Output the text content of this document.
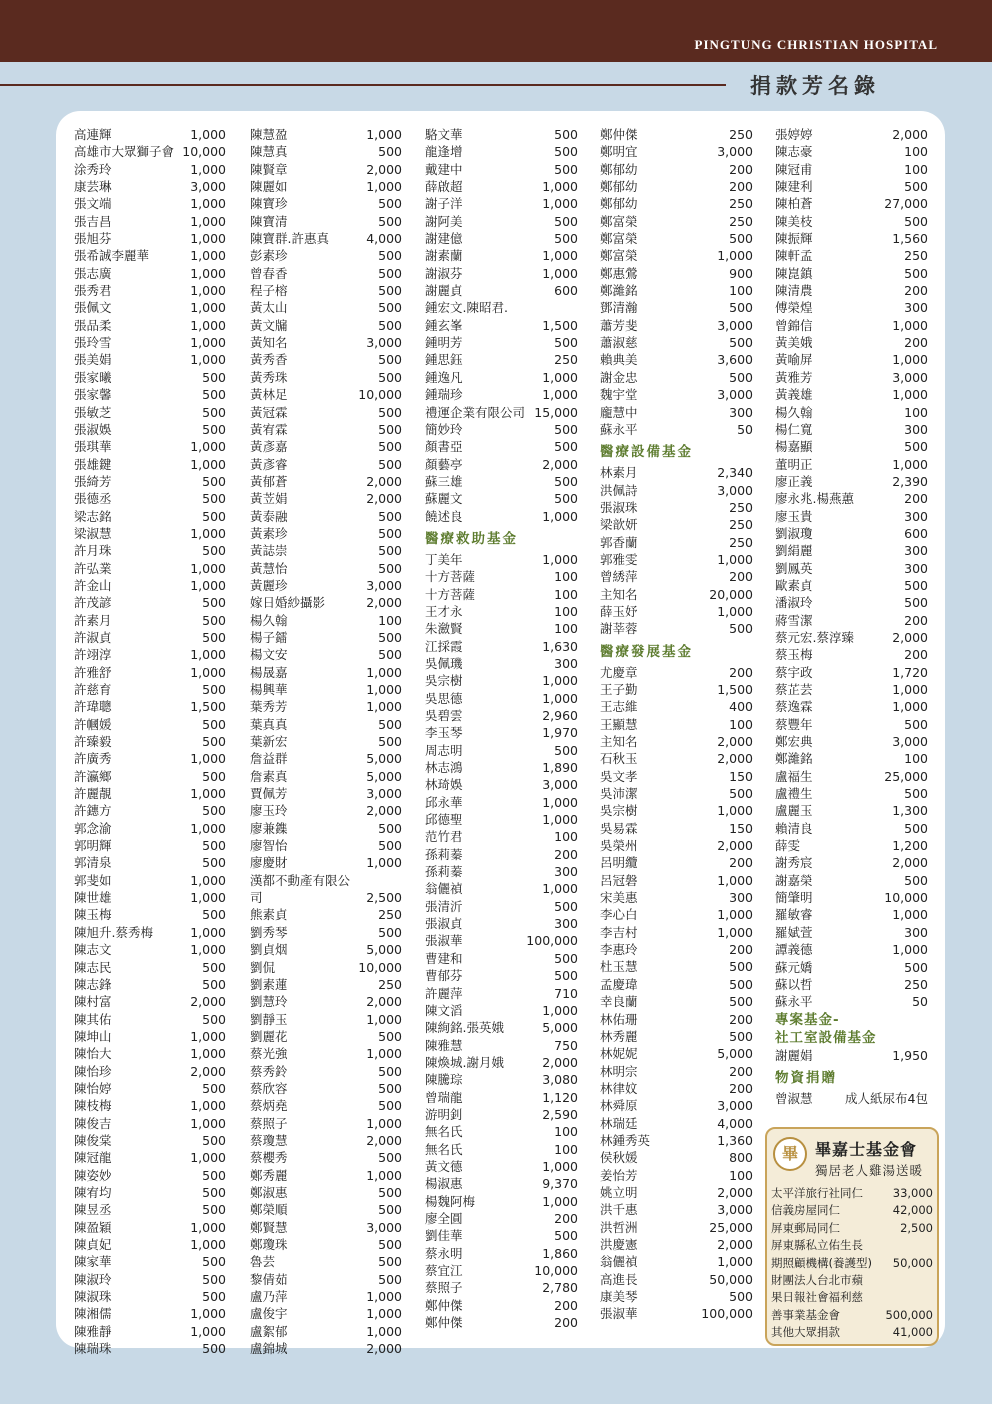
PINGTUNG CHRISTIAN HOSPITAL
捐款芳名錄
高連輝	1,000
高雄市大眾獅子會 10,000
涂秀玲	1,000
康芸琳	3,000
張文端	1,000
張吉昌	1,000
張旭芬	1,000
張希誠李麗華	1,000
張志廣	1,000
張秀君	1,000
張佩文	1,000
張品柔	1,000
張玲雪	1,000
張美娟	1,000
張家曦	500
張家馨	500
張敏芝	500
張淑娛	500
張琪華	1,000
張雄鍵	1,000
張綺芳	500
張德丞	500
梁志銘	500
梁淑慧	1,000
許月珠	500
許弘業	1,000
許金山	1,000
許茂諺	500
許素月	500
許淑貞	500
許翊淳	1,000
許雅舒	1,000
許慈育	500
許瑋聰	1,500
許幗媛	500
許臻毅	500
許廣秀	1,000
許瀛鄉	500
許麗靚	1,000
許鏸方	500
郭念渝	1,000
郭明輝	500
郭清泉	500
郭斐如	1,000
陳世雄	1,000
陳玉梅	500
陳旭升.蔡秀梅	1,000
陳志文	1,000
陳志民	500
陳志鋒	500
陳村富	2,000
陳其佑	500
陳坤山	1,000
陳怡大	1,000
陳怡珍	2,000
陳怡婷	500
陳枝梅	1,000
陳俊吉	1,000
陳俊棠	500
陳冠龍	1,000
陳姿妙	500
陳宥均	500
陳昱丞	500
陳盈穎	1,000
陳貞妃	1,000
陳家華	500
陳淑玲	500
陳淑珠	500
陳湘儒	1,000
陳雅靜	1,000
陳瑞珠	500
陳慧盈	1,000
陳慧真	500
陳賢章	2,000
陳麗如	1,000
陳寶珍	500
陳寶清	500
陳寶群.許惠真	4,000
彭素珍	500
曾春香	500
程子榕	500
黃太山	500
黃文牖	500
黃知名	3,000
黃秀香	500
黃秀珠	500
黃林足	10,000
黃冠霖	500
黃宥霖	500
黃彥嘉	500
黃彥睿	500
黃郁蒼	2,000
黃苙娟	2,000
黃泰融	500
黃素珍	500
黃誌崇	500
黃慧怡	500
黃麗珍	3,000
嫁日婚紗攝影	2,000
楊久翰	100
楊子鐳	500
楊文安	500
楊晟嘉	1,000
楊興華	1,000
葉秀芳	1,000
葉真真	500
葉新宏	500
詹益群	5,000
詹素真	5,000
賈佩芳	3,000
廖玉玲	2,000
廖兼鏶	500
廖智怡	500
廖慶財	1,000
漢都不動產有限公
司	2,500
熊素貞	250
劉秀琴	500
劉貞烟	5,000
劉侃	10,000
劉素蓮	250
劉慧玲	2,000
劉靜玉	1,000
劉麗花	500
蔡光強	1,000
蔡秀鈴	500
蔡欣容	500
蔡炳堯	500
蔡照子	1,000
蔡瓊慧	2,000
蔡櫻秀	500
鄭秀麗	1,000
鄭淑惠	500
鄭榮順	500
鄭賢慧	3,000
鄭瓊珠	500
魯芸	500
黎倩茹	500
盧乃萍	1,000
盧俊宇	1,000
盧絮郁	1,000
盧錦城	2,000
駱文華	500
龍逢增	500
戴建中	500
薛啟超	1,000
謝子洋	1,000
謝阿美	500
謝建億	500
謝素蘭	1,000
謝淑芬	1,000
謝麗貞	600
鍾宏文.陳昭君.
鍾玄峯	1,500
鍾明芳	500
鍾思鈺	250
鍾逸凡	1,000
鍾瑞珍	1,000
禮運企業有限公司 15,000
簡妙玲	500
顏書亞	500
顏藝亭	2,000
蘇三雄	500
蘇麗文	500
饒述良	1,000
醫療救助基金
丁美年	1,000
十方菩薩	100
十方菩薩	100
王才永	100
朱瀲賢	100
江採霞	1,630
吳佩璣	300
吳宗樹	1,000
吳思德	1,000
吳碧雲	2,960
李玉琴	1,970
周志明	500
林志鴻	1,890
林琦娛	3,000
邱永華	1,000
邱德聖	1,000
范竹君	100
孫莉蓁	200
孫莉蓁	300
翁儷禎	1,000
張清沂	500
張淑貞	300
張淑華	100,000
曹建和	500
曹郁芬	500
許麗萍	710
陳文滔	1,000
陳絢銘.張英娥	5,000
陳雅慧	750
陳煥城.謝月娥	2,000
陳騰琮	3,080
曾瑞龍	1,120
游明釗	2,590
無名氏	100
無名氏	100
黃文德	1,000
楊淑惠	9,370
楊魏阿梅	1,000
廖全圓	200
劉佳華	500
蔡永明	1,860
蔡宜江	10,000
蔡照子	2,780
鄭仲傑	200
鄭仲傑	200
鄭仲傑	250
鄭明宜	3,000
鄭郁幼	200
鄭郁幼	200
鄭郁幼	250
鄭富榮	250
鄭富榮	500
鄭富榮	1,000
鄭惠鶯	900
鄭濰銘	100
鄧清瀚	500
蕭芳斐	3,000
蕭淑慈	500
賴典美	3,600
謝金忠	500
魏宇堂	3,000
龐慧中	300
蘇永平	50
醫療設備基金
林素月	2,340
洪佩詩	3,000
張淑珠	250
梁歆妍	250
郭香蘭	250
郭雅雯	1,000
曾綉萍	200
主知名	20,000
薛玉妤	1,000
謝莘蓉	500
醫療發展基金
尤慶章	200
王子勤	1,500
王志維	400
王顯慧	100
主知名	2,000
石秋玉	2,000
吳文孝	150
吳沛潔	500
吳宗樹	1,000
吳易霖	150
吳榮州	2,000
呂明纜	200
呂冠磐	1,000
宋美惠	300
李心白	1,000
李吉村	1,000
李惠玲	200
杜玉慧	500
孟慶瑋	500
幸良蘭	500
林佑珊	200
林秀麗	500
林妮妮	5,000
林明宗	200
林律妏	200
林舜原	3,000
林瑞廷	4,000
林鍾秀英	1,360
侯秋媛	800
姜怡芳	100
姚立明	2,000
洪千惠	3,000
洪哲洲	25,000
洪慶憲	2,000
翁儷禎	1,000
高進長	50,000
康美琴	500
張淑華	100,000
張婷婷	2,000
陳志豪	100
陳冠甫	100
陳建利	500
陳柏蒼	27,000
陳美枝	500
陳振輝	1,560
陳軒孟	250
陳崑鎮	500
陳清農	200
傅榮煌	300
曾錦信	1,000
黃美娥	200
黃喻屏	1,000
黃雅芳	3,000
黃義雄	1,000
楊久翰	100
楊仁寬	300
楊嘉顯	500
董明正	1,000
廖正義	2,390
廖永兆.楊燕蕙	200
廖玉貴	300
劉淑瓊	600
劉絹麗	300
劉鳳英	300
歐素貞	500
潘淑玲	500
蔣雪潔	200
蔡元宏.蔡淳臻	2,000
蔡玉梅	200
蔡宇政	1,720
蔡芷芸	1,000
蔡逸霖	1,000
蔡豐年	500
鄭宏典	3,000
鄭濰銘	100
盧福生	25,000
盧禮生	500
盧麗玉	1,300
賴清良	500
薛雯	1,200
謝秀宸	2,000
謝嘉榮	500
簡肇明	10,000
羅敏睿	1,000
羅娬萱	300
譚義德	1,000
蘇元嬌	500
蘇以哲	250
蘇永平	50
專案基金-
社工室設備基金
謝麗娟	1,950
物資捐贈
曾淑慧	成人紙尿布4包
畢	畢嘉士基金會
獨居老人雞湯送暖
太平洋旅行社同仁	33,000
信義房屋同仁	42,000
屏東郵局同仁	2,500
屏東縣私立佑生長
期照顧機構(養護型) 50,000
財團法人台北市蘋
果日報社會福利慈
善事業基金會	500,000
其他大眾捐款	41,000
